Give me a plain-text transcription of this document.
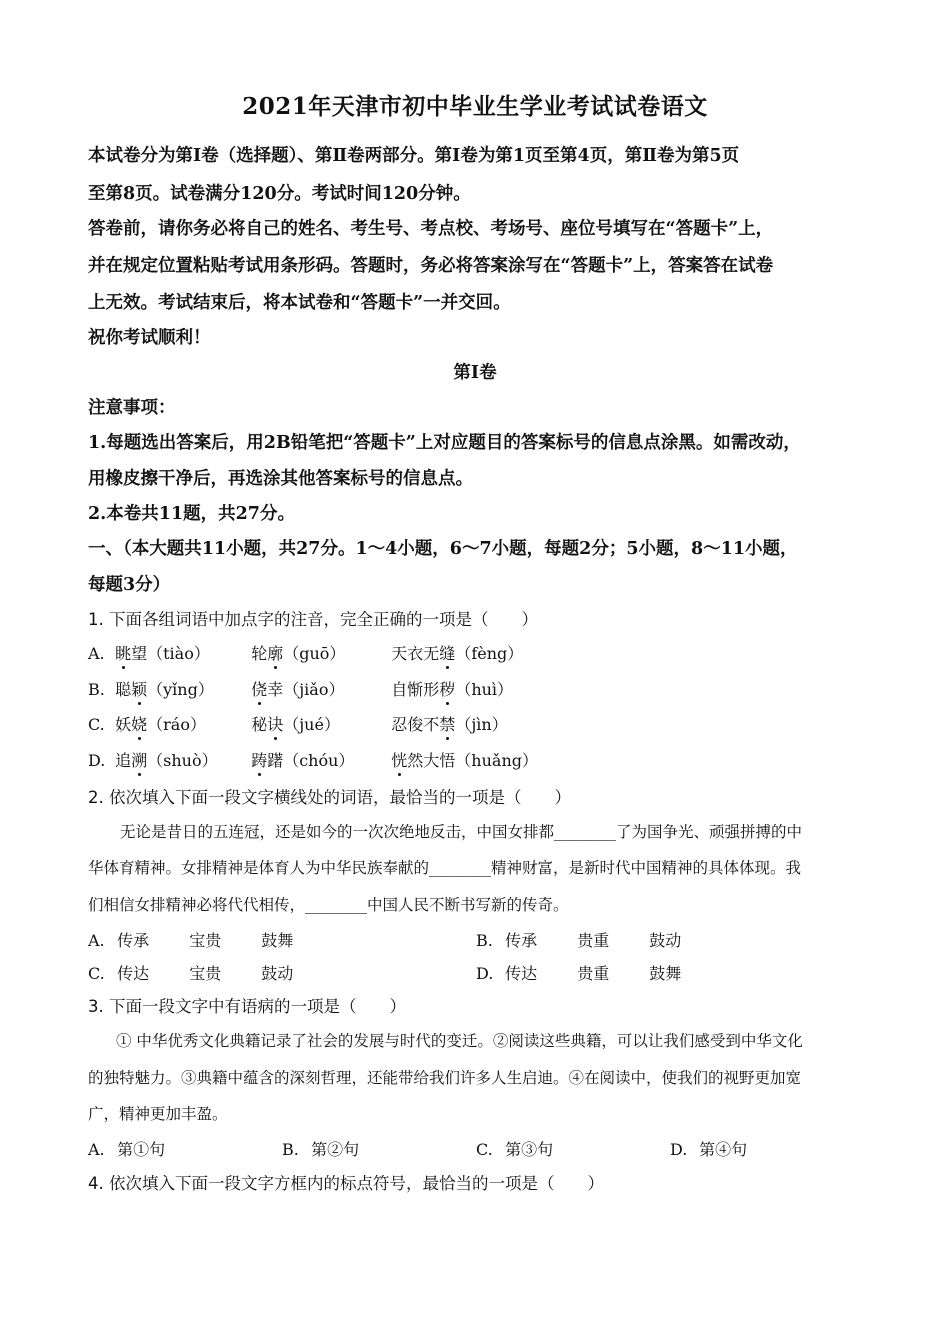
2021年天津市初中毕业生学业考试试卷语文
本试卷分为第Ⅰ卷（选择题）、第Ⅱ卷两部分。第Ⅰ卷为第1页至第4页，第Ⅱ卷为第5页
至第8页。试卷满分120分。考试时间120分钟。
答卷前，请你务必将自己的姓名、考生号、考点校、考场号、座位号填写在“答题卡”上，
并在规定位置粘贴考试用条形码。答题时，务必将答案涂写在“答题卡”上，答案答在试卷
上无效。考试结束后，将本试卷和“答题卡”一并交回。
祝你考试顺利！
第Ⅰ卷
注意事项：
1.每题选出答案后，用2B铅笔把“答题卡”上对应题目的答案标号的信息点涂黑。如需改动，
用橡皮擦干净后，再选涂其他答案标号的信息点。
2.本卷共11题，共27分。
一、（本大题共11小题，共27分。1～4小题，6～7小题，每题2分；5小题，8～11小题，
每题3分）
1. 下面各组词语中加点字的注音，完全正确的一项是（　　）
A. 眺望（tiào）	轮廓（guō）	天衣无缝（fèng）
B. 聪颖（yǐng） 侥幸（jiǎo）	自惭形秽（huì）
C. 妖娆（ráo）	秘诀（jué）	忍俊不禁（jìn）
D. 追溯（shuò） 踌躇（chóu） 恍然大悟（huǎng）
2. 依次填入下面一段文字横线处的词语，最恰当的一项是（　　）
无论是昔日的五连冠，还是如今的一次次绝地反击，中国女排都________了为国争光、顽强拼搏的中
华体育精神。女排精神是体育人为中华民族奉献的________精神财富，是新时代中国精神的具体体现。我
们相信女排精神必将代代相传，________中国人民不断书写新的传奇。
A. 传承	宝贵	鼓舞	B. 传承	贵重	鼓动
C. 传达	宝贵	鼓动	D. 传达	贵重	鼓舞
3. 下面一段文字中有语病的一项是（　　）
① 中华优秀文化典籍记录了社会的发展与时代的变迁。②阅读这些典籍，可以让我们感受到中华文化
的独特魅力。③典籍中蕴含的深刻哲理，还能带给我们许多人生启迪。④在阅读中，使我们的视野更加宽
广，精神更加丰盈。
A. 第①句	B. 第②句	C. 第③句	D. 第④句
4. 依次填入下面一段文字方框内的标点符号，最恰当的一项是（　　）
